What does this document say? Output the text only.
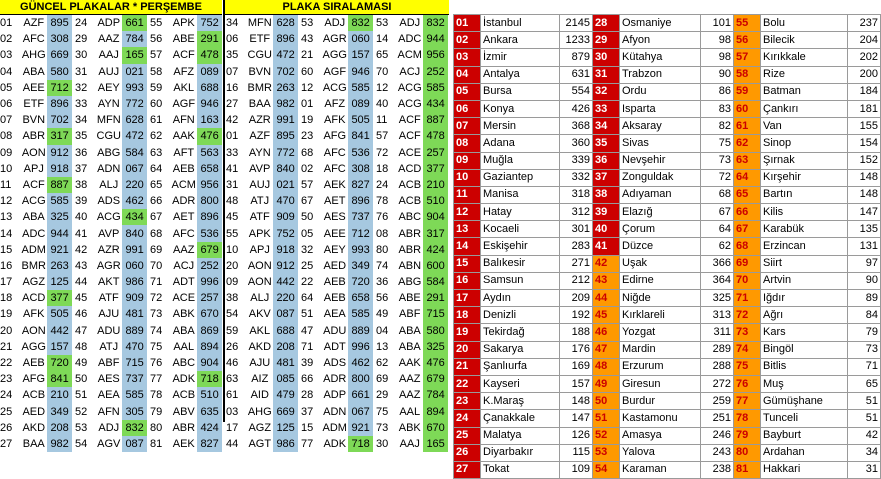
GÜNCEL PLAKALAR * PERŞEMBE	PLAKA SIRALAMASI
01	AZF	895
02	AFC	308
03	AHG	669
04	ABA	580
05	AEE	712
06	ETF	896
07	BVN	702
08	ABR	317
09	AON	912
10	APJ	918
11	ACF	887
12	ACG	585
13	ABA	325
14	ADC	944
15	ADM	921
16	BMR	263
17	AGZ	125
18	ACD	377
19	AFK	505
20	AON	442
21	AGG	157
22	AEB	720
23	AFG	841
24	ACB	210
25	AED	349
26	AKD	208
27	BAA	982
24	ADP	661
29	AAZ	784
30	AAJ	165
31	AUJ	021
32	AEY	993
33	AYN	772
34	MFN	628
35	CGU	472
36	ABG	584
37	ADN	067
38	ALJ	220
39	ADS	462
40	ACG	434
41	AVP	840
42	AZR	991
43	AGR	060
44	AKT	986
45	ATF	909
46	AJU	481
47	ADU	889
48	ATJ	470
49	ABF	715
50	AES	737
51	AEA	585
52	AFN	305
53	ADJ	832
54	AGV	087
55	APK	752
56	ABE	291
57	ACF	478
58	AFZ	089
59	AKL	688
60	AGF	946
61	AFN	163
62	AAK	476
63	AFT	563
64	AEB	658
65	ACM	956
66	ADR	800
67	AET	896
68	AFC	536
69	AAZ	679
70	ACJ	252
71	ADT	996
72	ACE	257
73	ABK	670
74	ABA	869
75	AAL	894
76	ABC	904
77	ADK	718
78	ACB	510
79	ABV	635
80	ABR	424
81	AEK	827
34	MFN	628
06	ETF	896
35	CGU	472
07	BVN	702
16	BMR	263
27	BAA	982
42	AZR	991
01	AZF	895
33	AYN	772
41	AVP	840
31	AUJ	021
48	ATJ	470
45	ATF	909
55	APK	752
10	APJ	918
20	AON	912
09	AON	442
38	ALJ	220
54	AKV	087
59	AKL	688
26	AKD	208
46	AJU	481
63	AIZ	085
61	AID	479
03	AHG	669
17	AGZ	125
44	AGT	986
53	ADJ	832
43	AGR	060
21	AGG	157
60	AGF	946
12	ACG	585
01	AFZ	089
19	AFK	505
23	AFG	841
68	AFC	536
02	AFC	308
57	AEK	827
67	AET	896
50	AES	737
05	AEE	712
32	AEY	993
25	AED	349
22	AEB	720
64	AEB	658
51	AEA	585
47	ADU	889
71	ADT	996
39	ADS	462
66	ADR	800
28	ADP	661
37	ADN	067
15	ADM	921
77	ADK	718
53	ADJ	832
14	ADC	944
65	ACM	956
70	ACJ	252
12	ACG	585
40	ACG	434
11	ACF	887
57	ACF	478
72	ACE	257
18	ACD	377
24	ACB	210
78	ACB	510
76	ABC	904
08	ABR	317
80	ABR	424
74	ABN	600
36	ABG	584
56	ABE	291
49	ABF	715
04	ABA	580
13	ABA	325
62	AAK	476
69	AAZ	679
29	AAZ	784
75	AAL	894
73	ABK	670
30	AAJ	165
01	İstanbul	2145	28	Osmaniye	101	55	Bolu	237
02	Ankara	1233	29	Afyon	98	56	Bilecik	204
03	İzmir	879	30	Kütahya	98	57	Kırıkkale	202
04	Antalya	631	31	Trabzon	90	58	Rize	200
05	Bursa	554	32	Ordu	86	59	Batman	184
06	Konya	426	33	Isparta	83	60	Çankırı	181
07	Mersin	368	34	Aksaray	82	61	Van	155
08	Adana	360	35	Sivas	75	62	Sinop	154
09	Muğla	339	36	Nevşehir	73	63	Şırnak	152
10	Gaziantep	332	37	Zonguldak	72	64	Kırşehir	148
11	Manisa	318	38	Adıyaman	68	65	Bartın	148
12	Hatay	312	39	Elazığ	67	66	Kilis	147
13	Kocaeli	301	40	Çorum	64	67	Karabük	135
14	Eskişehir	283	41	Düzce	62	68	Erzincan	131
15	Balıkesir	271	42	Uşak	366	69	Siirt	97
16	Samsun	212	43	Edirne	364	70	Artvin	90
17	Aydın	209	44	Niğde	325	71	Iğdır	89
18	Denizli	192	45	Kırklareli	313	72	Ağrı	84
19	Tekirdağ	188	46	Yozgat	311	73	Kars	79
20	Sakarya	176	47	Mardin	289	74	Bingöl	73
21	Şanlıurfa	169	48	Erzurum	288	75	Bitlis	71
22	Kayseri	157	49	Giresun	272	76	Muş	65
23	K.Maraş	148	50	Burdur	259	77	Gümüşhane	51
24	Çanakkale	147	51	Kastamonu	251	78	Tunceli	51
25	Malatya	126	52	Amasya	246	79	Bayburt	42
26	Diyarbakır	115	53	Yalova	243	80	Ardahan	34
27	Tokat	109	54	Karaman	238	81	Hakkari	31
